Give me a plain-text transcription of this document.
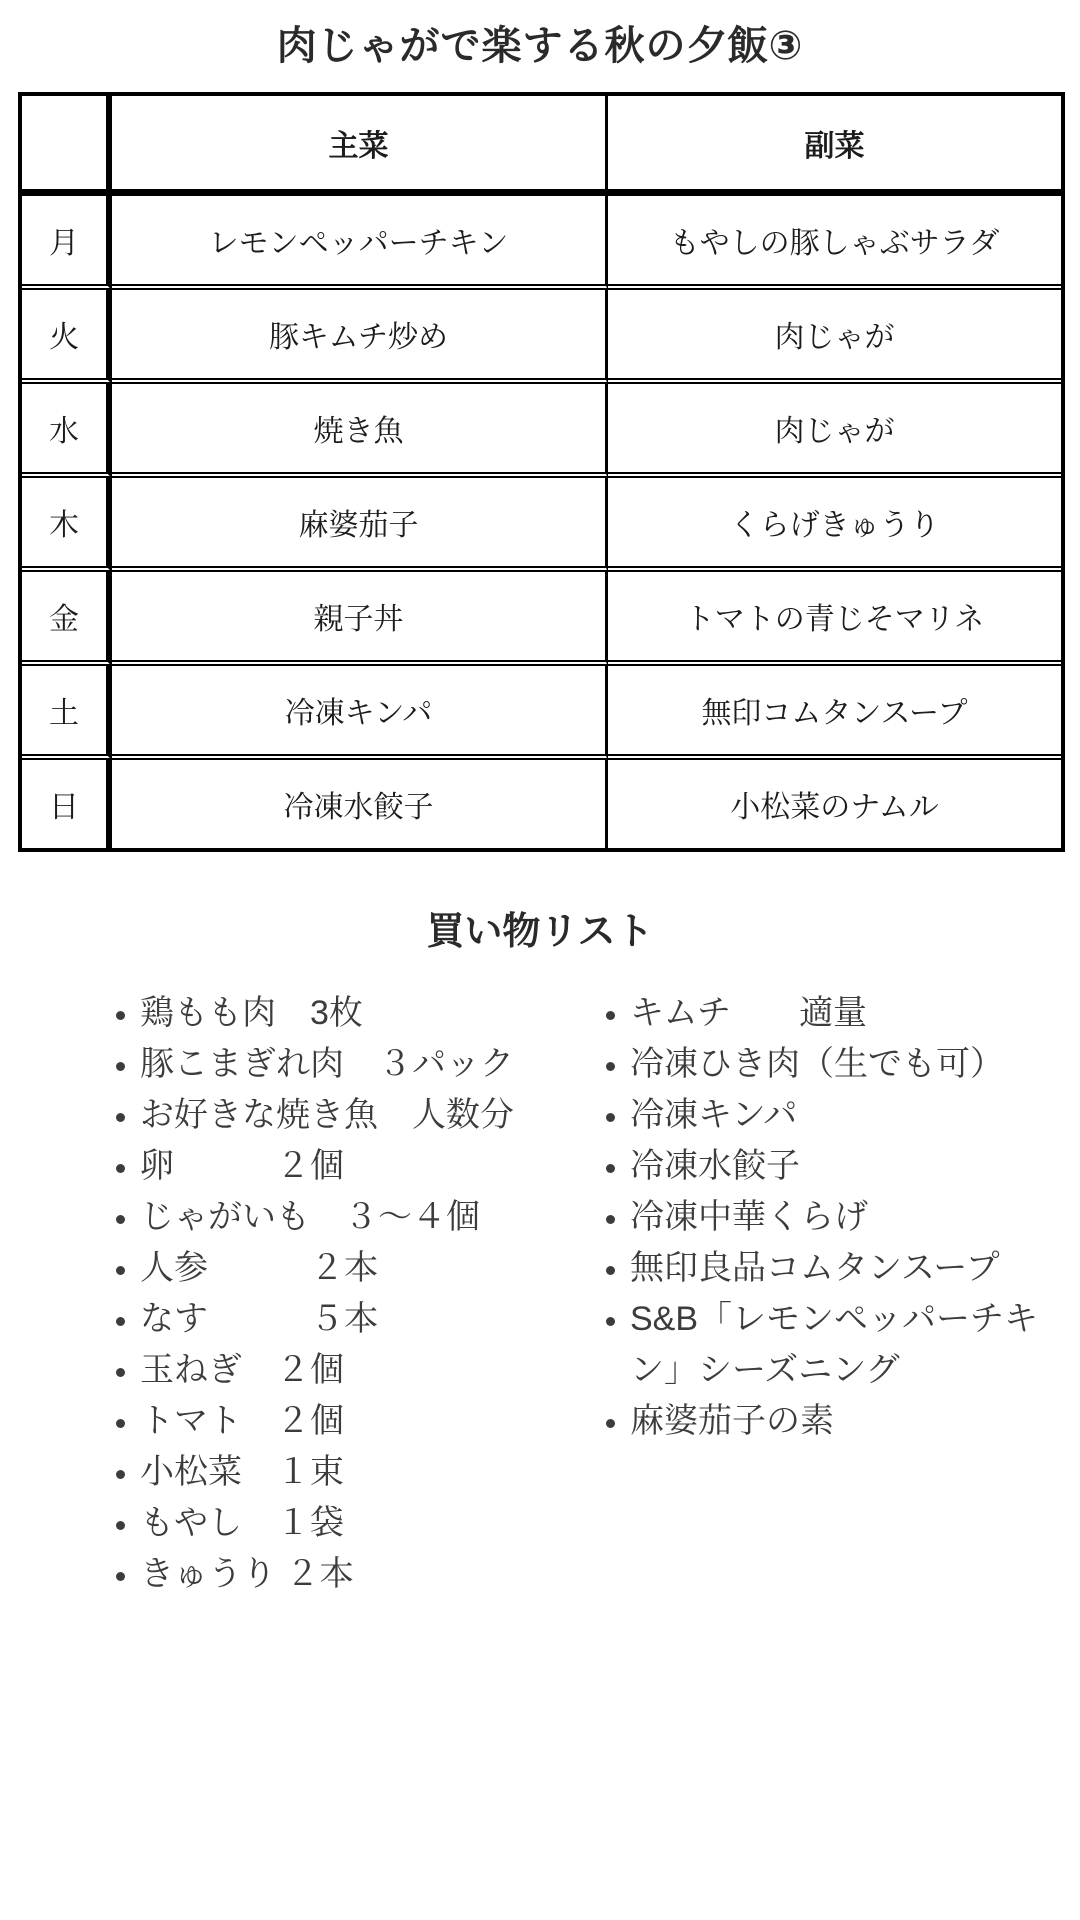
肉じゃがで楽する秋の夕飯③
	主菜	副菜
月	レモンペッパーチキン	もやしの豚しゃぶサラダ
火	豚キムチ炒め	肉じゃが
水	焼き魚	肉じゃが
木	麻婆茄子	くらげきゅうり
金	親子丼	トマトの青じそマリネ
土	冷凍キンパ	無印コムタンスープ
日	冷凍水餃子	小松菜のナムル
買い物リスト
• 鶏もも肉　3枚
• 豚こまぎれ肉　３パック
• お好きな焼き魚　人数分
• 卵　　　２個
• じゃがいも　３〜４個
• 人参　　　２本
• なす　　　５本
• 玉ねぎ　２個
• トマト　２個
• 小松菜　１束
• もやし　１袋
• きゅうり ２本
• キムチ　　適量
• 冷凍ひき肉（生でも可）
• 冷凍キンパ
• 冷凍水餃子
• 冷凍中華くらげ
• 無印良品コムタンスープ
• S&B「レモンペッパーチキン」シーズニング
• 麻婆茄子の素
